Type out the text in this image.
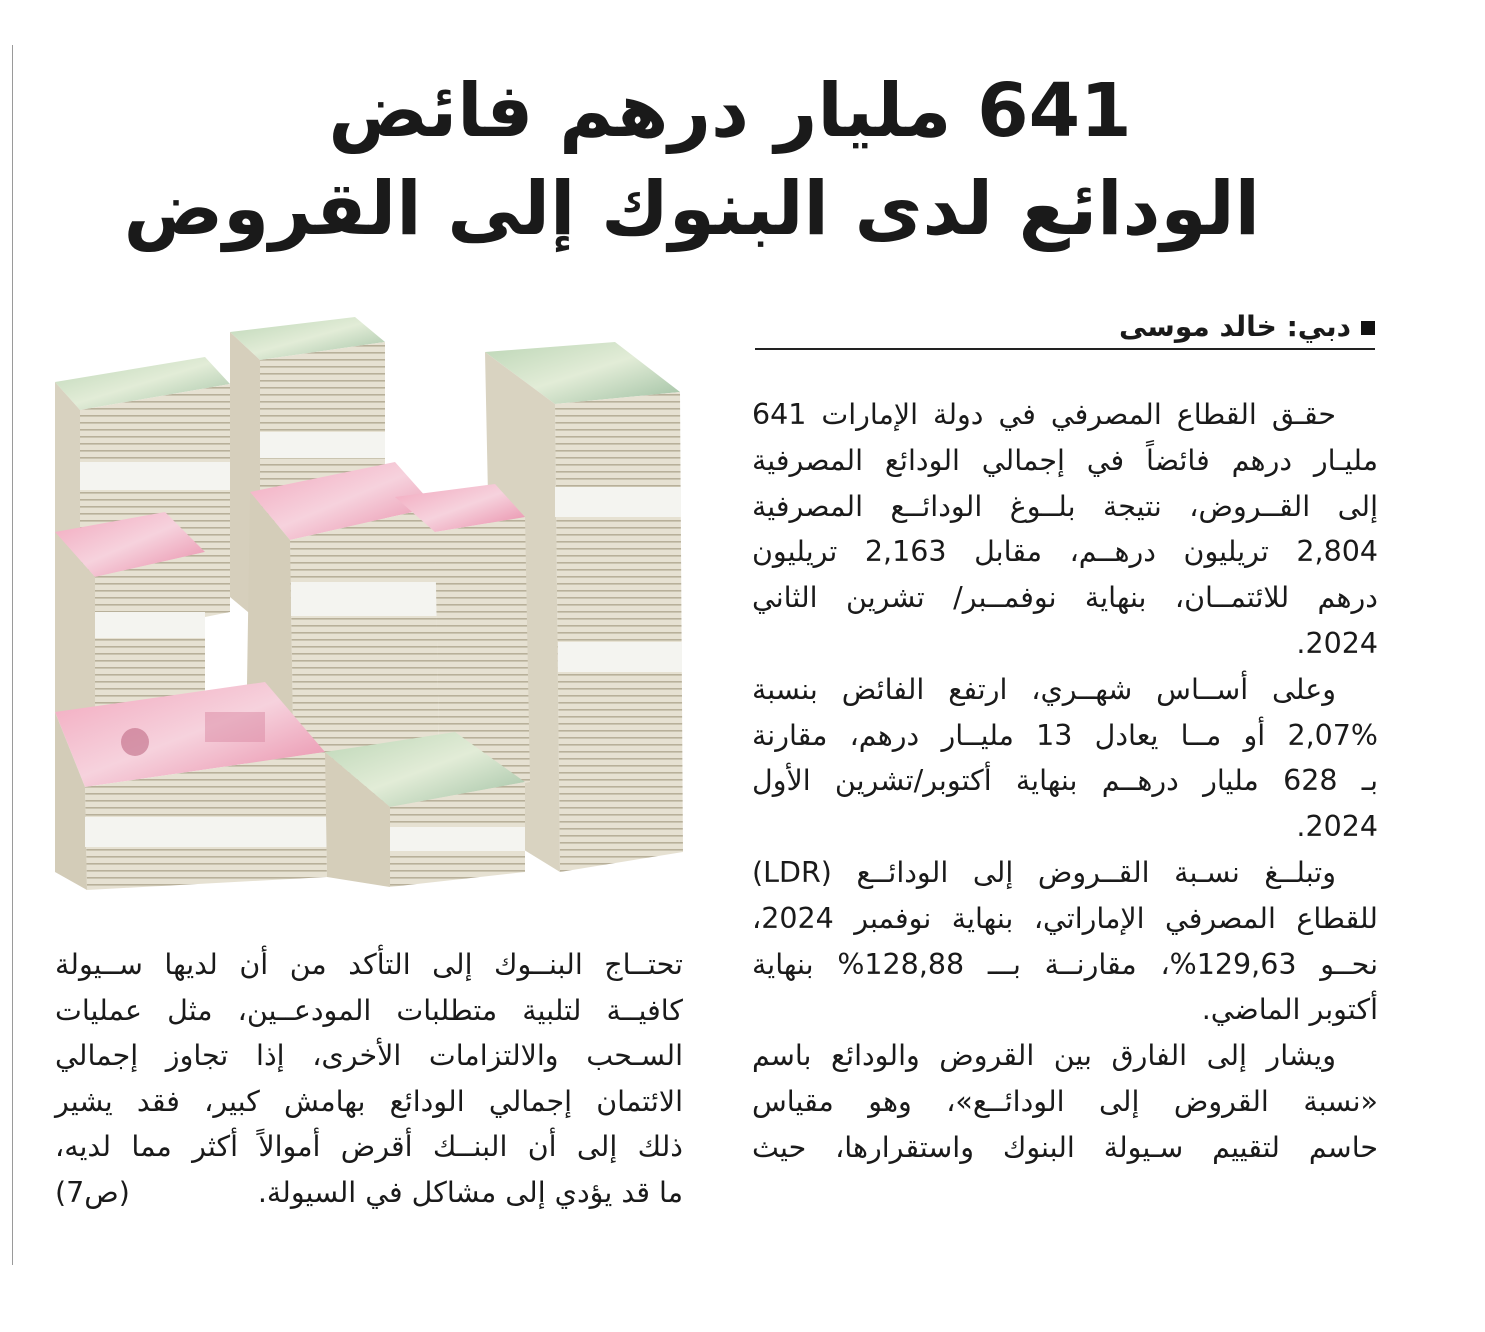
641 مليار درهم فائض
الودائع لدى البنوك إلى القروض
دبي: خالد موسى
حقـق القطاع المصرفي في دولة الإمارات 641
مليـار درهم فائضاً في إجمالي الودائع المصرفية
إلى القــروض، نتيجة بلــوغ الودائــع المصرفية
2,804 تريليون درهــم، مقابل 2,163 تريليون
درهم للائتمــان، بنهاية نوفمــبر/ تشرين الثاني
2024.
وعلى أســاس شهــري، ارتفع الفائض بنسبة
2,07% أو مــا يعادل 13 مليــار درهم، مقارنة
بـ 628 مليار درهــم بنهاية أكتوبر/تشرين الأول
2024.
وتبلــغ نسـبة القــروض إلى الودائــع (LDR)
للقطاع المصرفي الإماراتي، بنهاية نوفمبر 2024،
نحــو 129,63%، مقارنــة بـــ 128,88% بنهاية
أكتوبر الماضي.
ويشار إلى الفارق بين القروض والودائع باسم
«نسبة القروض إلى الودائــع»، وهو مقياس
حاسم لتقييم سـيولة البنوك واستقرارها، حيث
تحتــاج البنــوك إلى التأكد من أن لديها ســيولة
كافيــة لتلبية متطلبات المودعــين، مثل عمليات
السـحب والالتزامات الأخرى، إذا تجاوز إجمالي
الائتمان إجمالي الودائع بهامش كبير، فقد يشير
ذلك إلى أن البنــك أقرض أموالاً أكثر مما لديه،
ما قد يؤدي إلى مشاكل في السيولة.
(ص7)
